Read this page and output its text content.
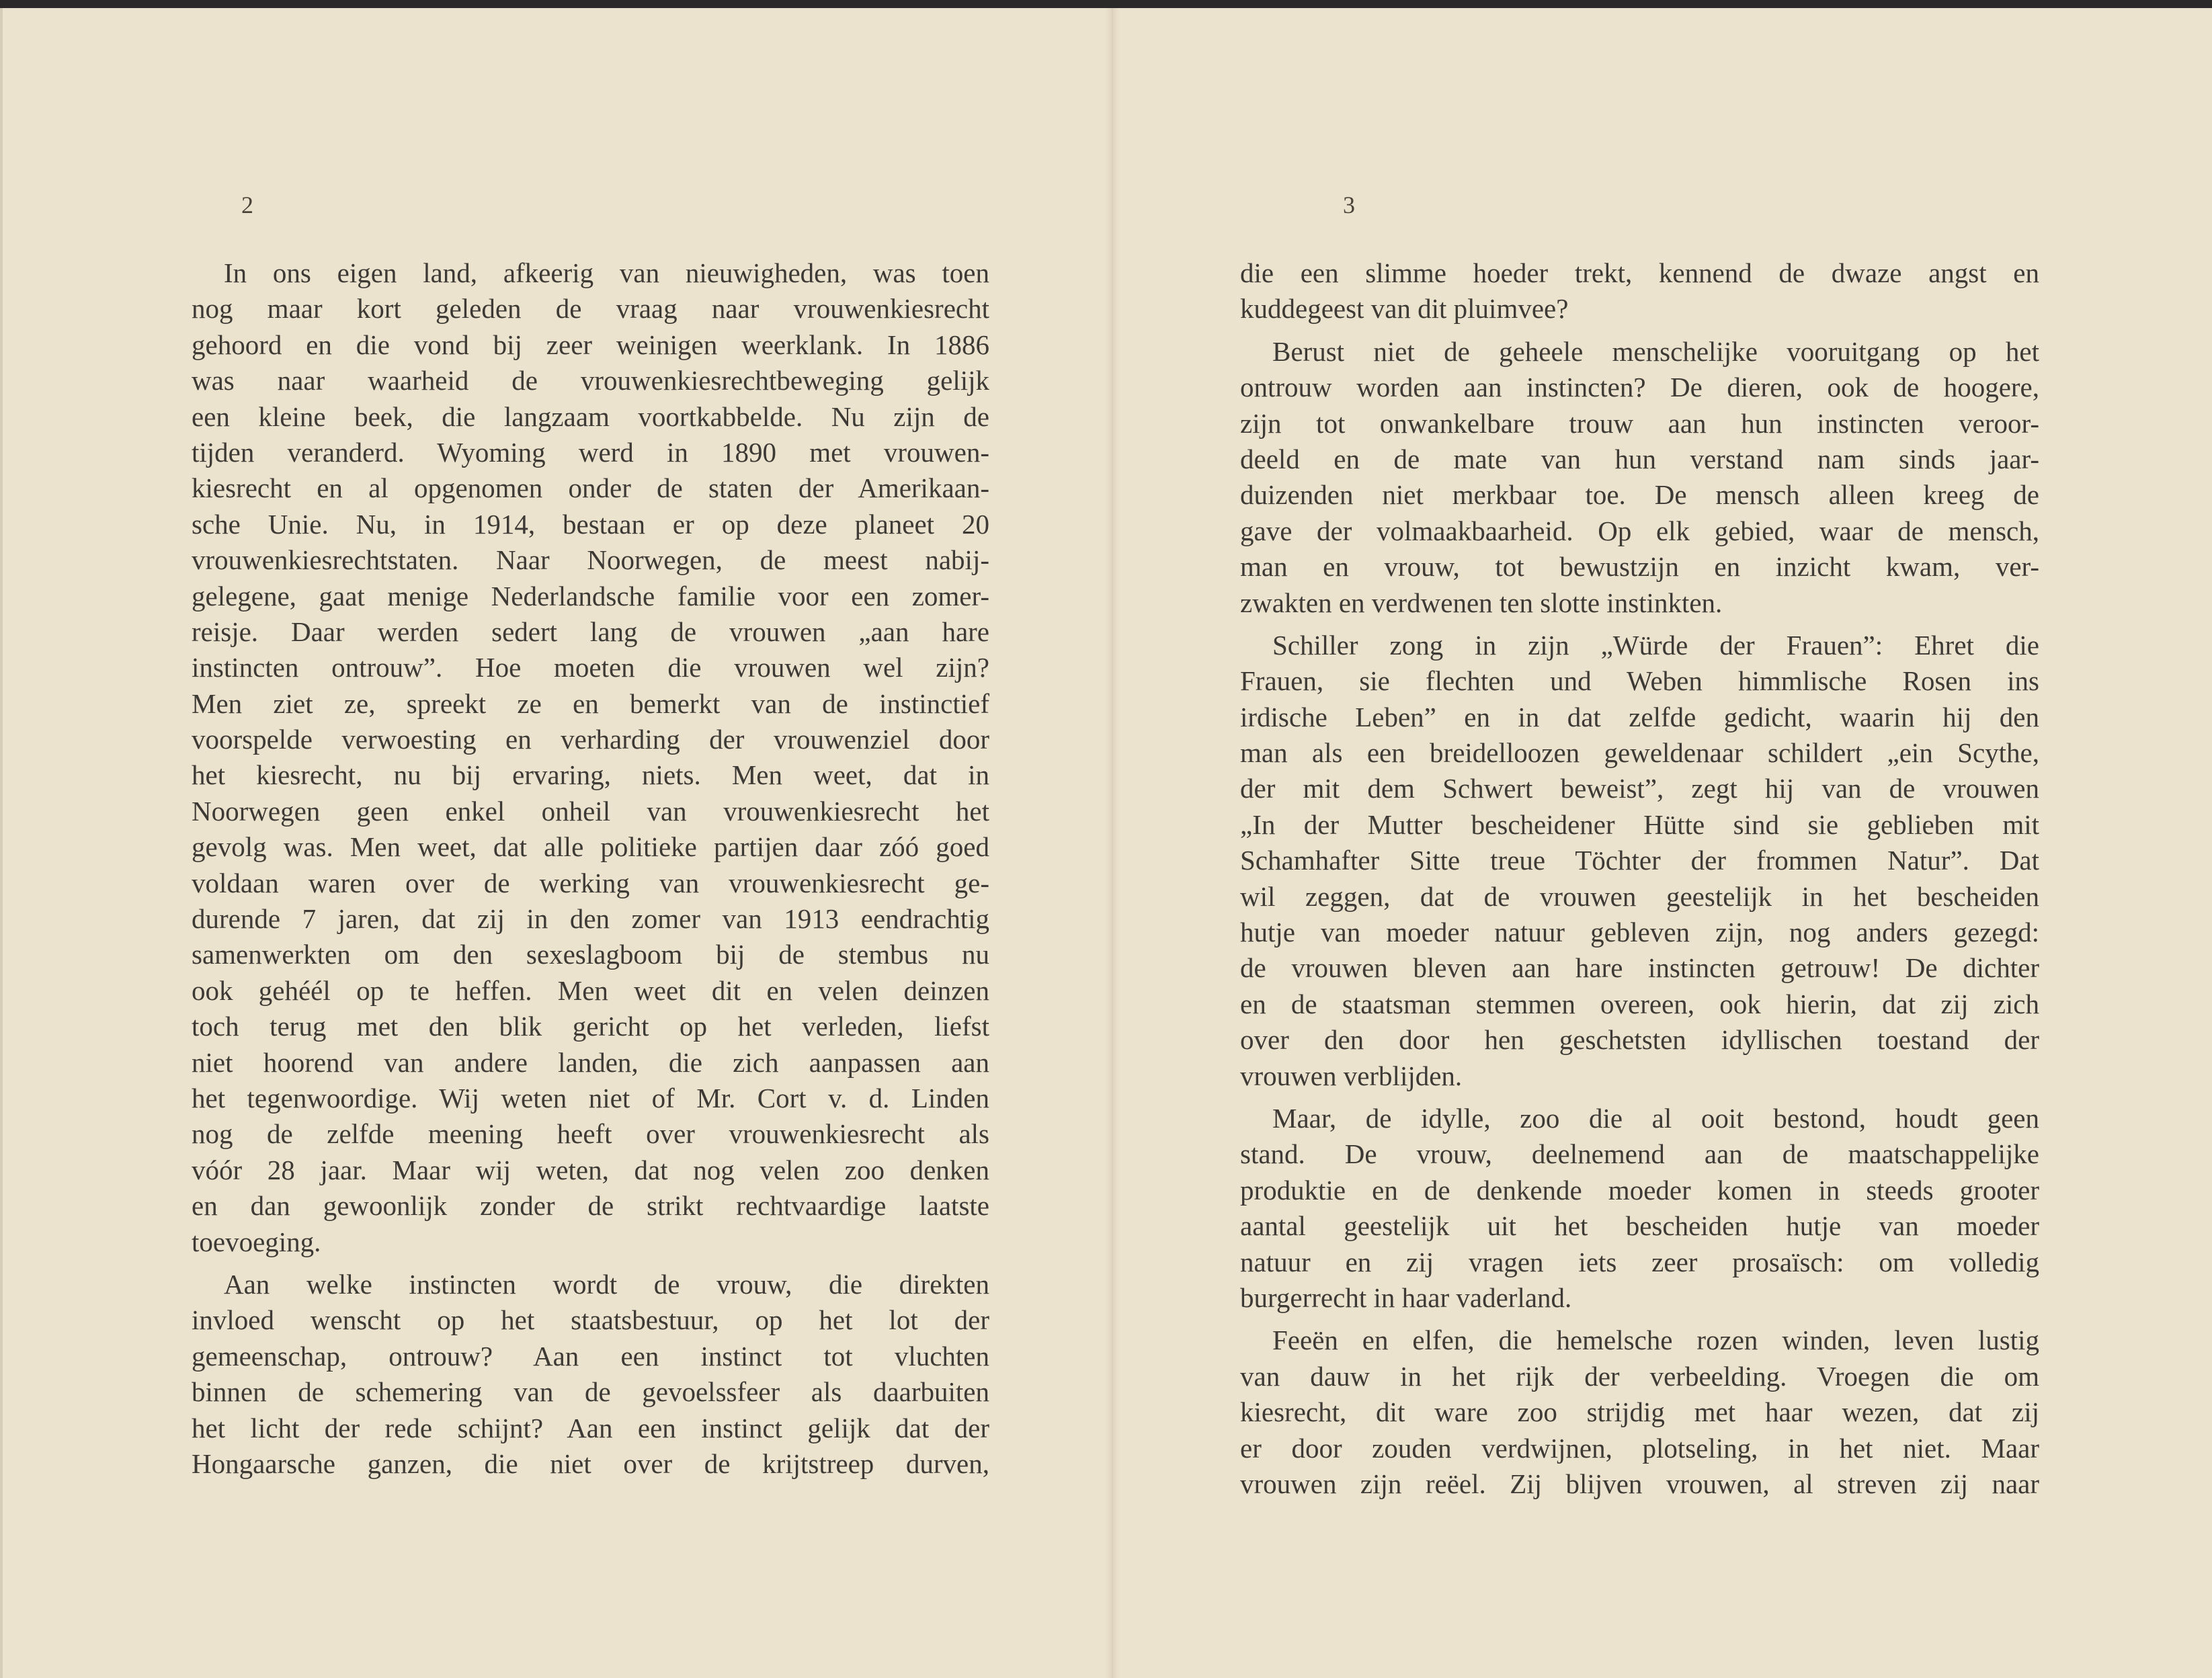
2
In ons eigen land, afkeerig van nieuwigheden, was toen
nog maar kort geleden de vraag naar vrouwenkiesrecht
gehoord en die vond bij zeer weinigen weerklank. In 1886
was naar waarheid de vrouwenkiesrechtbeweging gelijk
een kleine beek, die langzaam voortkabbelde. Nu zijn de
tijden veranderd. Wyoming werd in 1890 met vrouwen-
kiesrecht en al opgenomen onder de staten der Amerikaan-
sche Unie. Nu, in 1914, bestaan er op deze planeet 20
vrouwenkiesrechtstaten. Naar Noorwegen, de meest nabij-
gelegene, gaat menige Nederlandsche familie voor een zomer-
reisje. Daar werden sedert lang de vrouwen „aan hare
instincten ontrouw”. Hoe moeten die vrouwen wel zijn?
Men ziet ze, spreekt ze en bemerkt van de instinctief
voorspelde verwoesting en verharding der vrouwenziel door
het kiesrecht, nu bij ervaring, niets. Men weet, dat in
Noorwegen geen enkel onheil van vrouwenkiesrecht het
gevolg was. Men weet, dat alle politieke partijen daar zóó goed
voldaan waren over de werking van vrouwenkiesrecht ge-
durende 7 jaren, dat zij in den zomer van 1913 eendrachtig
samenwerkten om den sexeslagboom bij de stembus nu
ook gehéél op te heffen. Men weet dit en velen deinzen
toch terug met den blik gericht op het verleden, liefst
niet hoorend van andere landen, die zich aanpassen aan
het tegenwoordige. Wij weten niet of Mr. Cort v. d. Linden
nog de zelfde meening heeft over vrouwenkiesrecht als
vóór 28 jaar. Maar wij weten, dat nog velen zoo denken
en dan gewoonlijk zonder de strikt rechtvaardige laatste
toevoeging.
Aan welke instincten wordt de vrouw, die direkten
invloed wenscht op het staatsbestuur, op het lot der
gemeenschap, ontrouw? Aan een instinct tot vluchten
binnen de schemering van de gevoelssfeer als daarbuiten
het licht der rede schijnt? Aan een instinct gelijk dat der
Hongaarsche ganzen, die niet over de krijtstreep durven,
3
die een slimme hoeder trekt, kennend de dwaze angst en
kuddegeest van dit pluimvee?
Berust niet de geheele menschelijke vooruitgang op het
ontrouw worden aan instincten? De dieren, ook de hoogere,
zijn tot onwankelbare trouw aan hun instincten veroor-
deeld en de mate van hun verstand nam sinds jaar-
duizenden niet merkbaar toe. De mensch alleen kreeg de
gave der volmaakbaarheid. Op elk gebied, waar de mensch,
man en vrouw, tot bewustzijn en inzicht kwam, ver-
zwakten en verdwenen ten slotte instinkten.
Schiller zong in zijn „Würde der Frauen”: Ehret die
Frauen, sie flechten und Weben himmlische Rosen ins
irdische Leben” en in dat zelfde gedicht, waarin hij den
man als een breidelloozen geweldenaar schildert „ein Scythe,
der mit dem Schwert beweist”, zegt hij van de vrouwen
„In der Mutter bescheidener Hütte sind sie geblieben mit
Schamhafter Sitte treue Töchter der frommen Natur”. Dat
wil zeggen, dat de vrouwen geestelijk in het bescheiden
hutje van moeder natuur gebleven zijn, nog anders gezegd:
de vrouwen bleven aan hare instincten getrouw! De dichter
en de staatsman stemmen overeen, ook hierin, dat zij zich
over den door hen geschetsten idyllischen toestand der
vrouwen verblijden.
Maar, de idylle, zoo die al ooit bestond, houdt geen
stand. De vrouw, deelnemend aan de maatschappelijke
produktie en de denkende moeder komen in steeds grooter
aantal geestelijk uit het bescheiden hutje van moeder
natuur en zij vragen iets zeer prosaïsch: om volledig
burgerrecht in haar vaderland.
Feeën en elfen, die hemelsche rozen winden, leven lustig
van dauw in het rijk der verbeelding. Vroegen die om
kiesrecht, dit ware zoo strijdig met haar wezen, dat zij
er door zouden verdwijnen, plotseling, in het niet. Maar
vrouwen zijn reëel. Zij blijven vrouwen, al streven zij naar
